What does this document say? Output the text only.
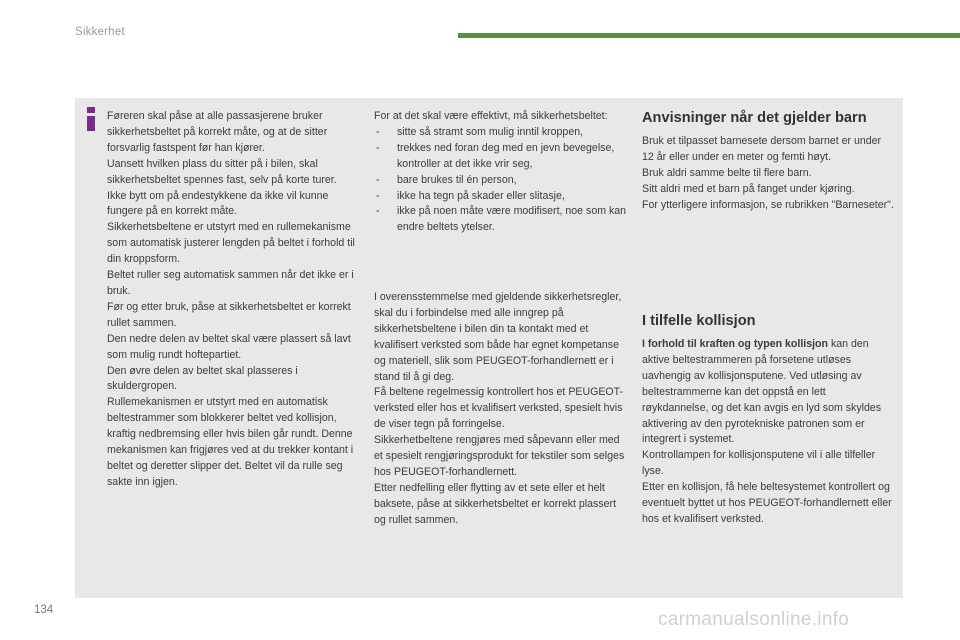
Sikkerhet

Føreren skal påse at alle passasjerene bruker sikkerhetsbeltet på korrekt måte, og at de sitter forsvarlig fastspent før han kjører.

Uansett hvilken plass du sitter på i bilen, skal sikkerhetsbeltet spennes fast, selv på korte turer.

Ikke bytt om på endestykkene da ikke vil kunne fungere på en korrekt måte.

Sikkerhetsbeltene er utstyrt med en rullemekanisme som automatisk justerer lengden på beltet i forhold til din kroppsform.

Beltet ruller seg automatisk sammen når det ikke er i bruk.

Før og etter bruk, påse at sikkerhetsbeltet er korrekt rullet sammen.

Den nedre delen av beltet skal være plassert så lavt som mulig rundt hoftepartiet.

Den øvre delen av beltet skal plasseres i skuldergropen.

Rullemekanismen er utstyrt med en automatisk beltestrammer som blokkerer beltet ved kollisjon, kraftig nedbremsing eller hvis bilen går rundt. Denne mekanismen kan frigjøres ved at du trekker kontant i beltet og deretter slipper det. Beltet vil da rulle seg sakte inn igjen.

For at det skal være effektivt, må sikkerhetsbeltet:

- sitte så stramt som mulig inntil kroppen,
- trekkes ned foran deg med en jevn bevegelse, kontroller at det ikke vrir seg,
- bare brukes til én person,
- ikke ha tegn på skader eller slitasje,
- ikke på noen måte være modifisert, noe som kan endre beltets ytelser.

I overensstemmelse med gjeldende sikkerhetsregler, skal du i forbindelse med alle inngrep på sikkerhetsbeltene i bilen din ta kontakt med et kvalifisert verksted som både har egnet kompetanse og materiell, slik som PEUGEOT-forhandlernett er i stand til å gi deg.

Få beltene regelmessig kontrollert hos et PEUGEOT-verksted eller hos et kvalifisert verksted, spesielt hvis de viser tegn på forringelse.

Sikkerhetbeltene rengjøres med såpevann eller med et spesielt rengjøringsprodukt for tekstiler som selges hos PEUGEOT-forhandlernett.

Etter nedfelling eller flytting av et sete eller et helt baksete, påse at sikkerhetsbeltet er korrekt plassert og rullet sammen.

Anvisninger når det gjelder barn

Bruk et tilpasset barnesete dersom barnet er under 12 år eller under en meter og femti høyt.

Bruk aldri samme belte til flere barn.

Sitt aldri med et barn på fanget under kjøring.

For ytterligere informasjon, se rubrikken "Barneseter".

I tilfelle kollisjon

I forhold til kraften og typen kollisjon kan den aktive beltestrammeren på forsetene utløses uavhengig av kollisjonsputene. Ved utløsing av beltestrammerne kan det oppstå en lett røykdannelse, og det kan avgis en lyd som skyldes aktivering av den pyrotekniske patronen som er integrert i systemet.

Kontrollampen for kollisjonsputene vil i alle tilfeller lyse.

Etter en kollisjon, få hele beltesystemet kontrollert og eventuelt byttet ut hos PEUGEOT-forhandlernett eller hos et kvalifisert verksted.

134	carmanualsonline.info
